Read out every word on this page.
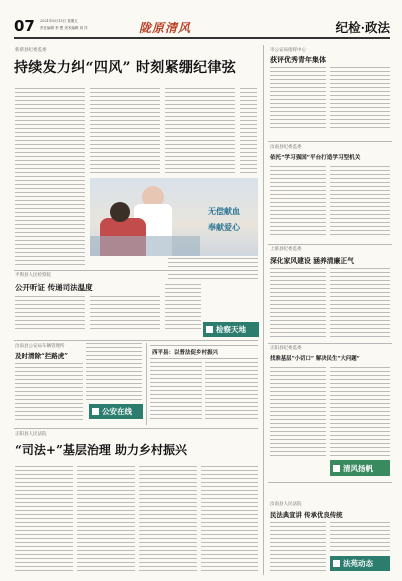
07 2021年8月13日 星期五
责任编辑 李 想 美术编辑 刘 洋	陇原清风	纪检·政法
新蔡县纪委监委
持续发力纠“四风” 时刻紧绷纪律弦
无偿献血
奉献爱心
市公安局指挥中心
获评优秀青年集体
汝南县纪委监委
依托“学习强国”平台打造学习型机关
上蔡县纪委监委
深化家风建设 涵养清廉正气
正阳县纪委监委
找准基层“小切口” 解决民生“大问题”
清风扬帆
汝南县人民法院
民法典宣讲 传承优良传统
法苑动态
平舆县人民检察院
公开听证 传递司法温度
检察天地
汝南县公安局车辆管理所
及时清除“拦路虎”
公安在线
西平县：以普法促乡村振兴
正阳县人民法院
“司法+”基层治理 助力乡村振兴
